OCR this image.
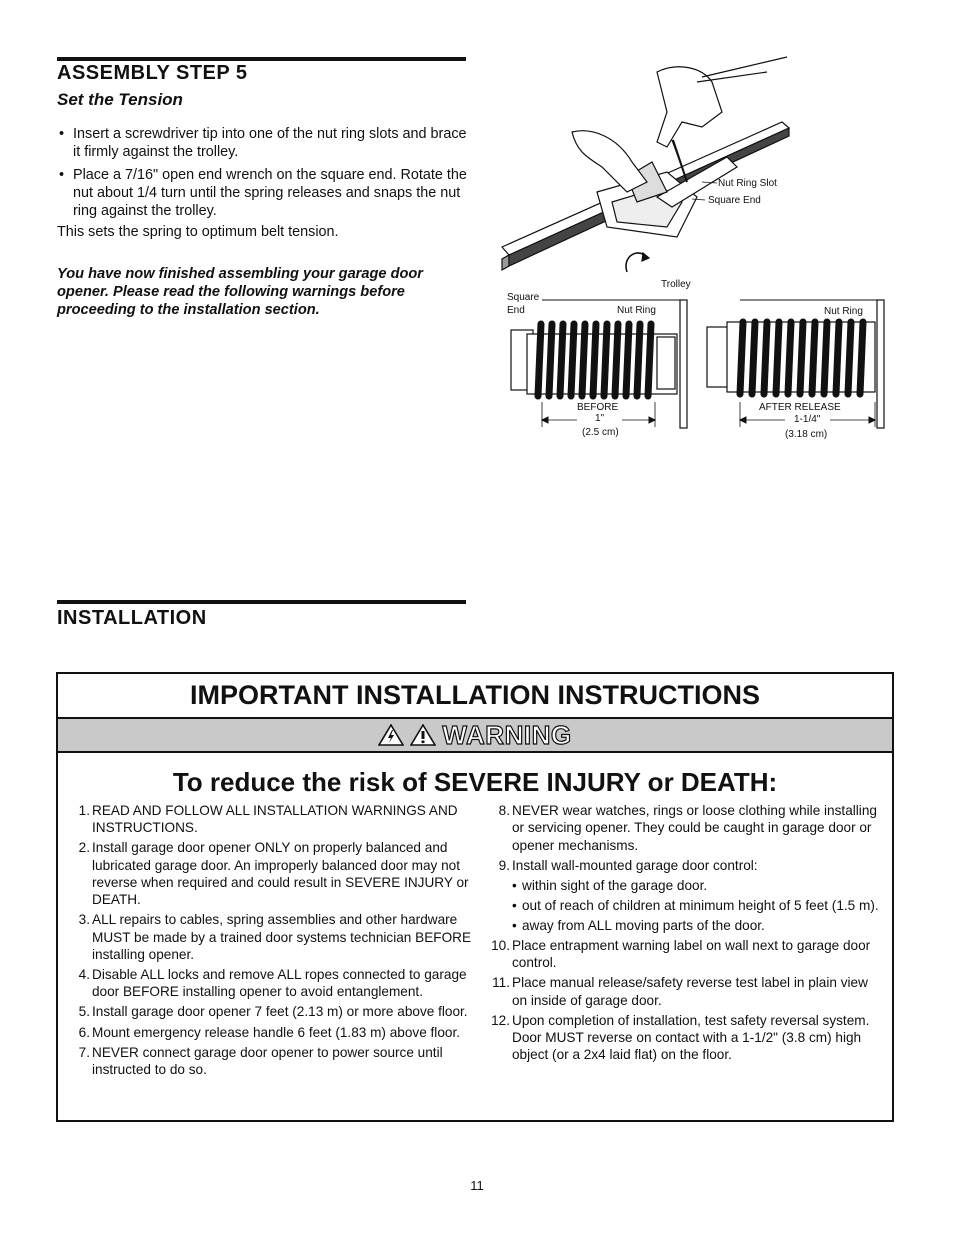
ASSEMBLY STEP 5
Set the Tension
• Insert a screwdriver tip into one of the nut ring slots and brace it firmly against the trolley.
• Place a 7/16" open end wrench on the square end. Rotate the nut about 1/4 turn until the spring releases and snaps the nut ring against the trolley.

This sets the spring to optimum belt tension.

You have now finished assembling your garage door opener. Please read the following warnings before proceeding to the installation section.

Nut Ring Slot
Square End
Trolley
Square
End	Nut Ring	Nut Ring
BEFORE
1"
(2.5 cm)
AFTER RELEASE
1-1/4"
(3.18 cm)
INSTALLATION
IMPORTANT INSTALLATION INSTRUCTIONS
WARNING
To reduce the risk of SEVERE INJURY or DEATH:
1. READ AND FOLLOW ALL INSTALLATION WARNINGS AND INSTRUCTIONS.
2. Install garage door opener ONLY on properly balanced and lubricated garage door. An improperly balanced door may not reverse when required and could result in SEVERE INJURY or DEATH.
3. ALL repairs to cables, spring assemblies and other hardware MUST be made by a trained door systems technician BEFORE installing opener.
4. Disable ALL locks and remove ALL ropes connected to garage door BEFORE installing opener to avoid entanglement.
5. Install garage door opener 7 feet (2.13 m) or more above floor.
6. Mount emergency release handle 6 feet (1.83 m) above floor.
7. NEVER connect garage door opener to power source until instructed to do so.
8. NEVER wear watches, rings or loose clothing while installing or servicing opener. They could be caught in garage door or opener mechanisms.
9. Install wall-mounted garage door control:
• within sight of the garage door.
• out of reach of children at minimum height of 5 feet (1.5 m).
• away from ALL moving parts of the door.
10. Place entrapment warning label on wall next to garage door control.
11. Place manual release/safety reverse test label in plain view on inside of garage door.
12. Upon completion of installation, test safety reversal system. Door MUST reverse on contact with a 1-1/2" (3.8 cm) high object (or a 2x4 laid flat) on the floor.
11
